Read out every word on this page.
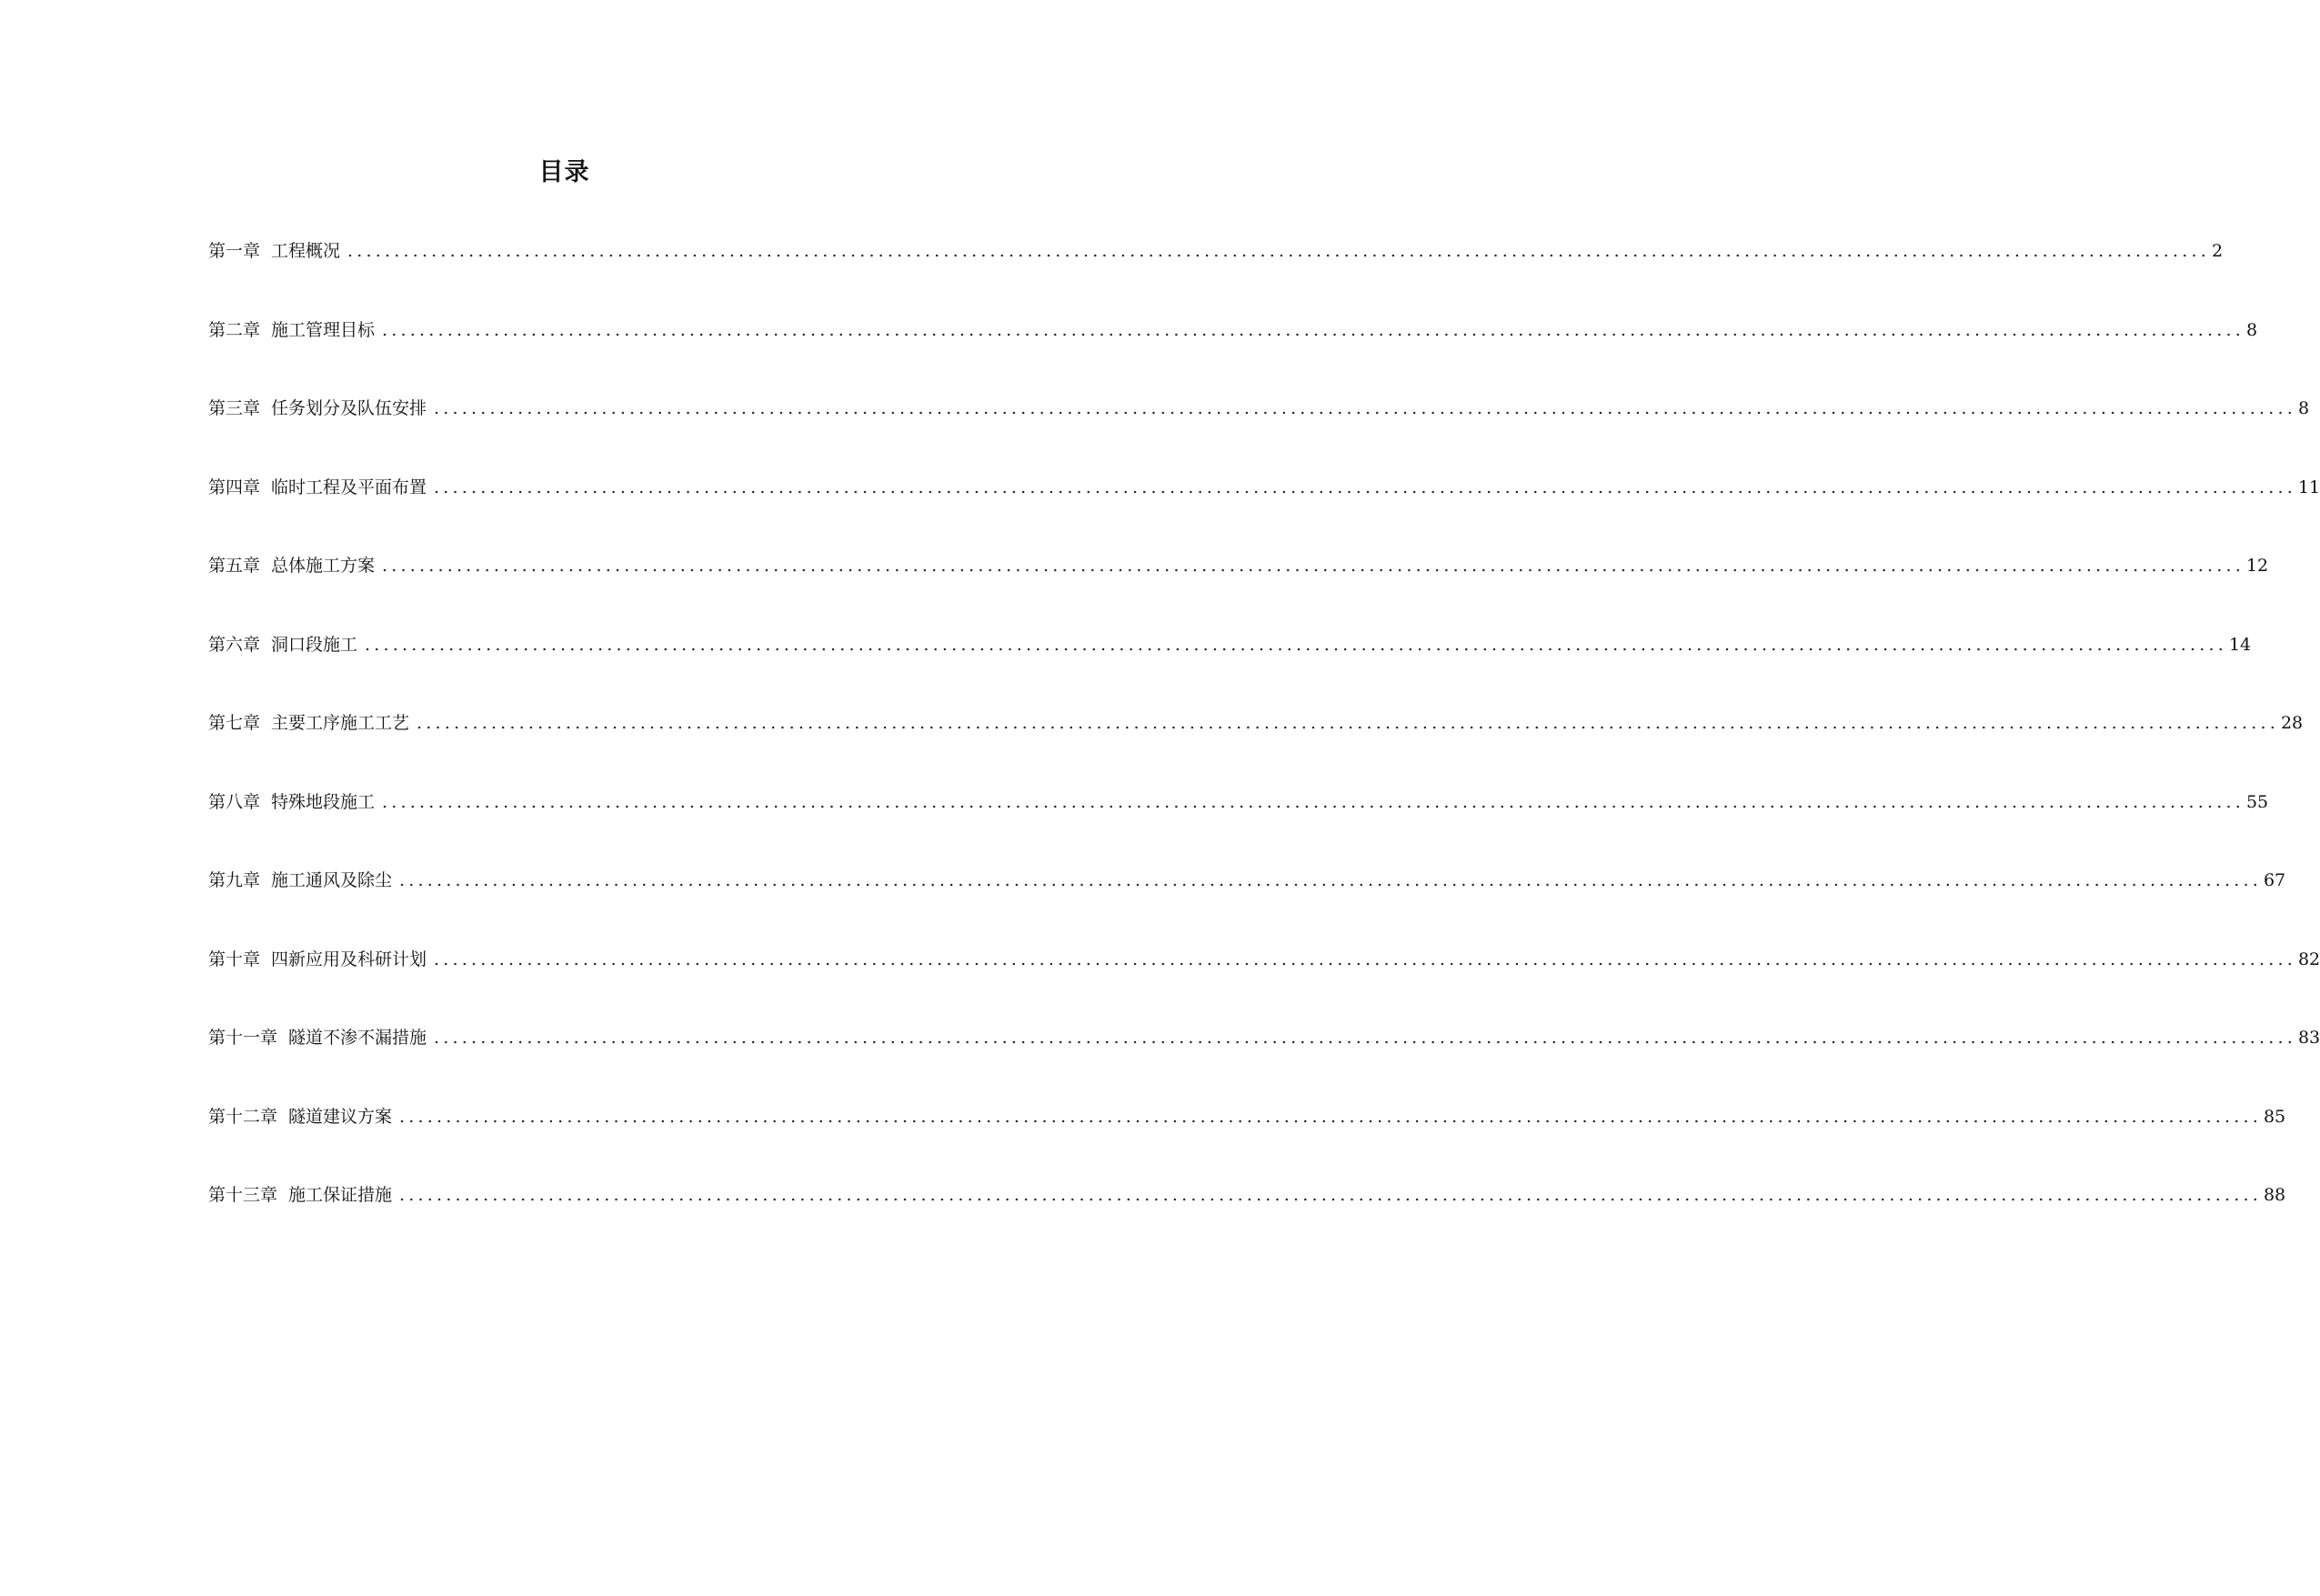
目录
第一章 工程概况 ........................................................................................................................................................................................................ 2
第二章 施工管理目标 ........................................................................................................................................................................................................ 8
第三章 任务划分及队伍安排 ........................................................................................................................................................................................................ 8
第四章 临时工程及平面布置 ........................................................................................................................................................................................................ 11
第五章 总体施工方案 ........................................................................................................................................................................................................ 12
第六章 洞口段施工 ........................................................................................................................................................................................................ 14
第七章 主要工序施工工艺 ........................................................................................................................................................................................................ 28
第八章 特殊地段施工 ........................................................................................................................................................................................................ 55
第九章 施工通风及除尘 ........................................................................................................................................................................................................ 67
第十章 四新应用及科研计划 ........................................................................................................................................................................................................ 82
第十一章 隧道不渗不漏措施 ........................................................................................................................................................................................................ 83
第十二章 隧道建议方案 ........................................................................................................................................................................................................ 85
第十三章 施工保证措施 ........................................................................................................................................................................................................ 88
